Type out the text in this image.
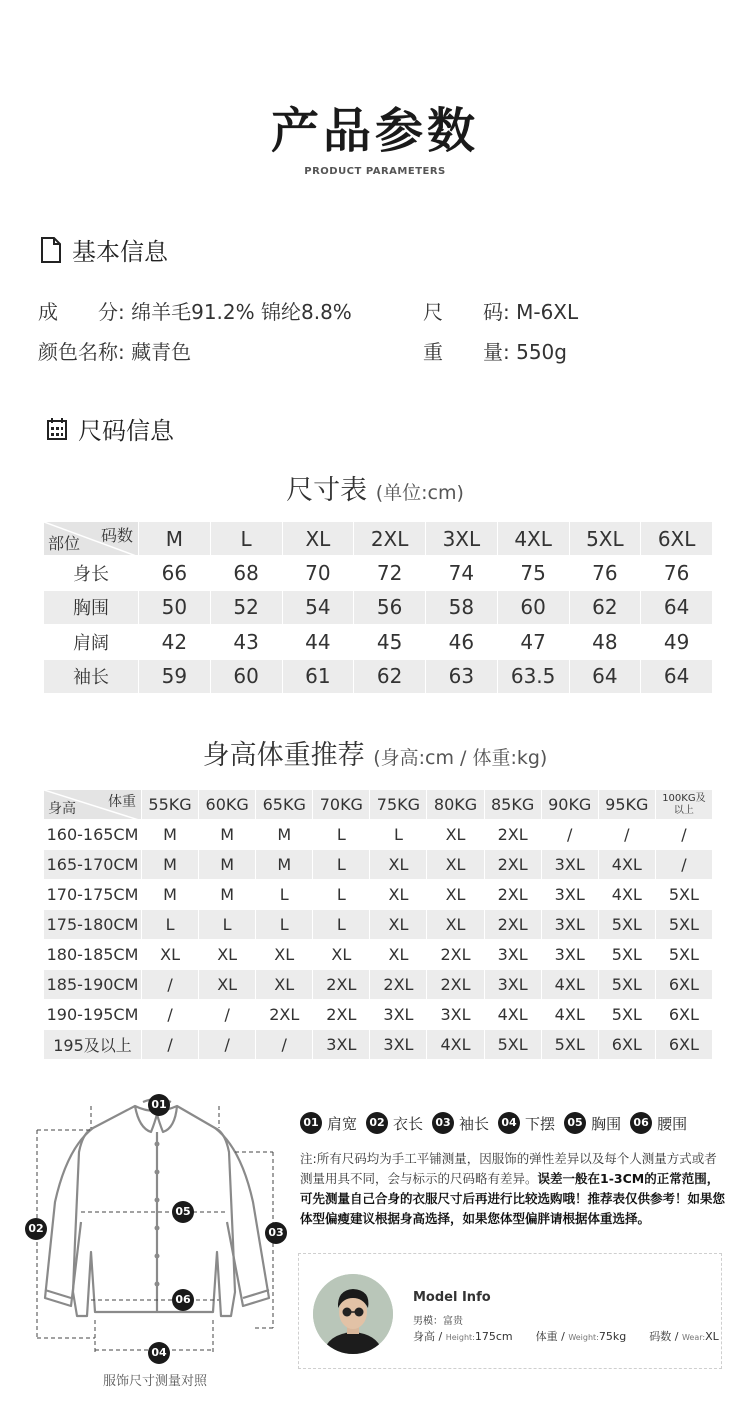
产品参数
PRODUCT PARAMETERS
基本信息
成　　分: 绵羊毛91.2% 锦纶8.8%	尺　　码: M-6XL
颜色名称: 藏青色	重　　量: 550g
尺码信息
尺寸表 (单位:cm)
码数
部位	M	L	XL	2XL	3XL	4XL	5XL	6XL
身长	66	68	70	72	74	75	76	76
胸围	50	52	54	56	58	60	62	64
肩阔	42	43	44	45	46	47	48	49
袖长	59	60	61	62	63	63.5	64	64
身高体重推荐 (身高:cm / 体重:kg)
体重
身高	55KG	60KG	65KG	70KG	75KG	80KG	85KG	90KG	95KG	100KG及
以上
160-165CM	M	M	M	L	L	XL	2XL	/	/	/
165-170CM	M	M	M	L	XL	XL	2XL	3XL	4XL	/
170-175CM	M	M	L	L	XL	XL	2XL	3XL	4XL	5XL
175-180CM	L	L	L	L	XL	XL	2XL	3XL	5XL	5XL
180-185CM	XL	XL	XL	XL	XL	2XL	3XL	3XL	5XL	5XL
185-190CM	/	XL	XL	2XL	2XL	2XL	3XL	4XL	5XL	6XL
190-195CM	/	/	2XL	2XL	3XL	3XL	4XL	4XL	5XL	6XL
195及以上	/	/	/	3XL	3XL	4XL	5XL	5XL	6XL	6XL
01
02	03
04
05
06
服饰尺寸测量对照
01 肩宽	02 衣长	03 袖长	04 下摆	05 胸围	06 腰围
注:所有尺码均为手工平铺测量，因服饰的弹性差异以及每个人测量方式或者测量用具不同，会与标示的尺码略有差异。误差一般在1-3CM的正常范围，可先测量自己合身的衣服尺寸后再进行比较选购哦！推荐表仅供参考！如果您体型偏瘦建议根据身高选择，如果您体型偏胖请根据体重选择。
Model Info
男模：富贵
身高 / Height:175cm 体重 / Weight:75kg 码数 / Wear:XL
